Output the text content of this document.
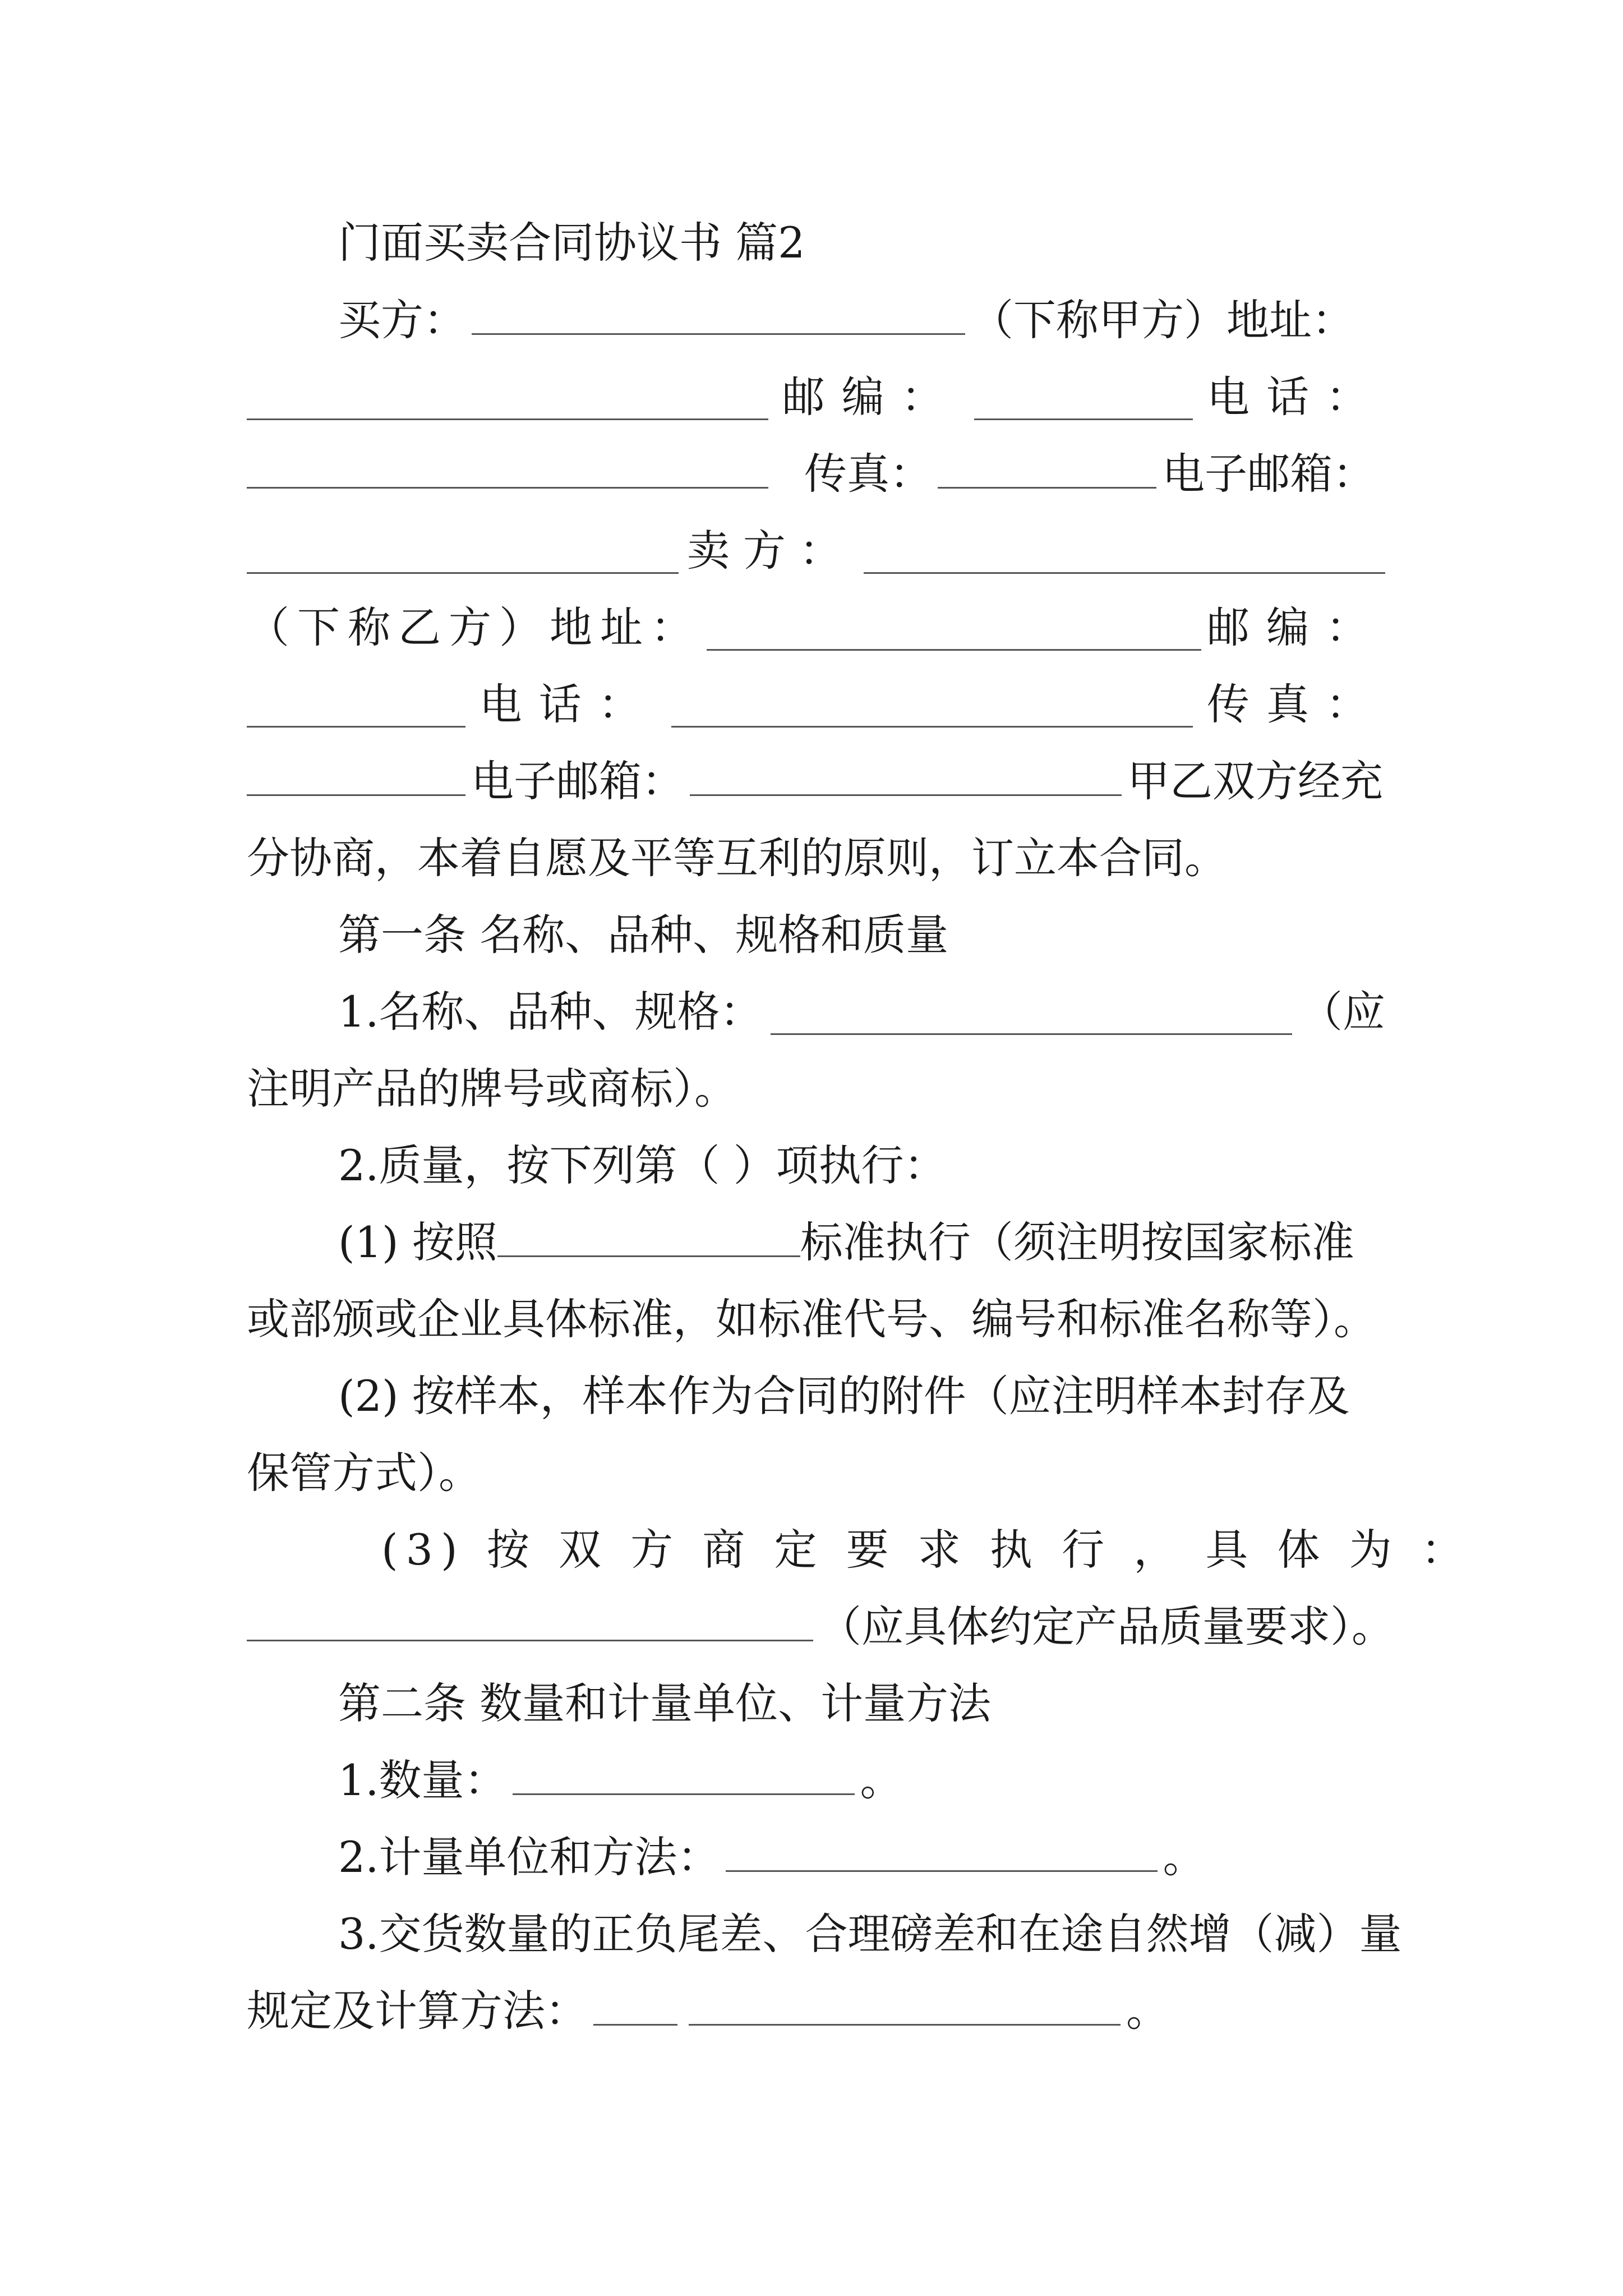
门面买卖合同协议书 篇2
买方：	（下称甲方）地址：
邮编：	电话：
传真：	电子邮箱：
卖方：
（下称乙方）地址：	邮编：
电话：	传真：
电子邮箱：	甲乙双方经充
分协商，本着自愿及平等互利的原则，订立本合同。
第一条 名称、品种、规格和质量
1.名称、品种、规格：	（应
注明产品的牌号或商标）。
2.质量，按下列第（ ）项执行：
(1) 按照	标准执行（须注明按国家标准
或部颁或企业具体标准，如标准代号、编号和标准名称等）。
(2) 按样本，样本作为合同的附件（应注明样本封存及
保管方式）。
(3) 按 双 方 商 定 要 求 执 行 ， 具 体 为 ：
（应具体约定产品质量要求）。
第二条 数量和计量单位、计量方法
1.数量：	。
2.计量单位和方法：	。
3.交货数量的正负尾差、合理磅差和在途自然增（减）量
规定及计算方法：	。
